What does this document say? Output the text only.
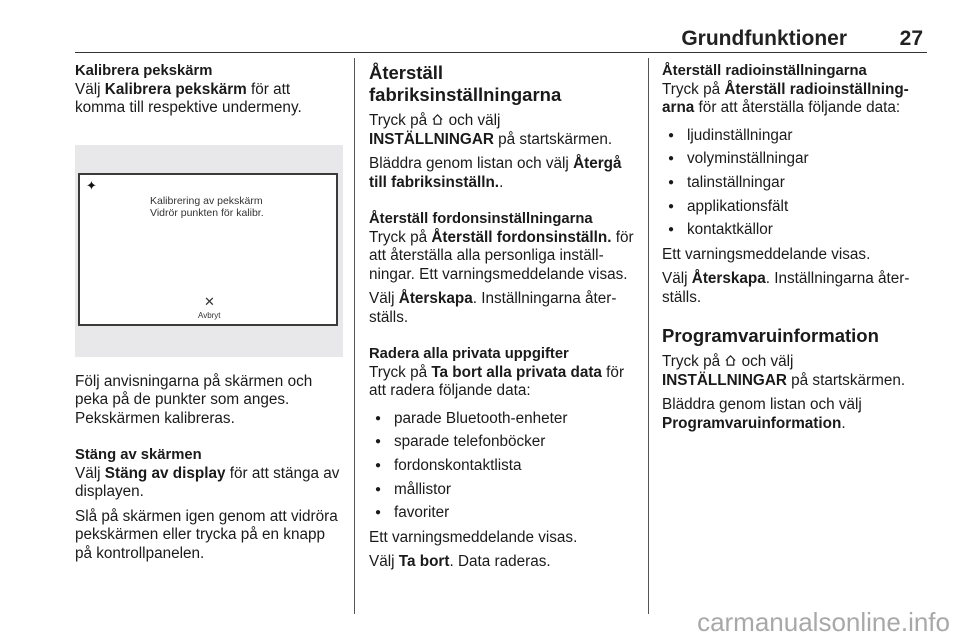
Grundfunktioner	27
Kalibrera pekskärm

Välj Kalibrera pekskärm för att komma till respektive undermeny.

✦
Kalibrering av pekskärm
Vidrör punkten för kalibr.
✕
Avbryt

Följ anvisningarna på skärmen och peka på de punkter som anges. Pekskärmen kalibreras.

Stäng av skärmen

Välj Stäng av display för att stänga av displayen.

Slå på skärmen igen genom att vidröra pekskärmen eller trycka på en knapp på kontrollpanelen.

Återställ fabriksinställningarna

Tryck på  och välj
INSTÄLLNINGAR på startskärmen.

Bläddra genom listan och välj Återgå till fabriksinställn..

Återställ fordonsinställningarna

Tryck på Återställ fordonsinställn. för att återställa alla personliga inställ- ningar. Ett varningsmeddelande visas.

Välj Återskapa. Inställningarna åter- ställs.

Radera alla privata uppgifter

Tryck på Ta bort alla privata data för att radera följande data:

● parade Bluetooth-enheter
● sparade telefonböcker
● fordonskontaktlista
● mållistor
● favoriter

Ett varningsmeddelande visas.

Välj Ta bort. Data raderas.

Återställ radioinställningarna

Tryck på Återställ radioinställning- arna för att återställa följande data:

● ljudinställningar
● volyminställningar
● talinställningar
● applikationsfält
● kontaktkällor

Ett varningsmeddelande visas.

Välj Återskapa. Inställningarna åter- ställs.

Programvaruinformation

Tryck på  och välj
INSTÄLLNINGAR på startskärmen.

Bläddra genom listan och välj
Programvaruinformation.

carmanualsonline.info
